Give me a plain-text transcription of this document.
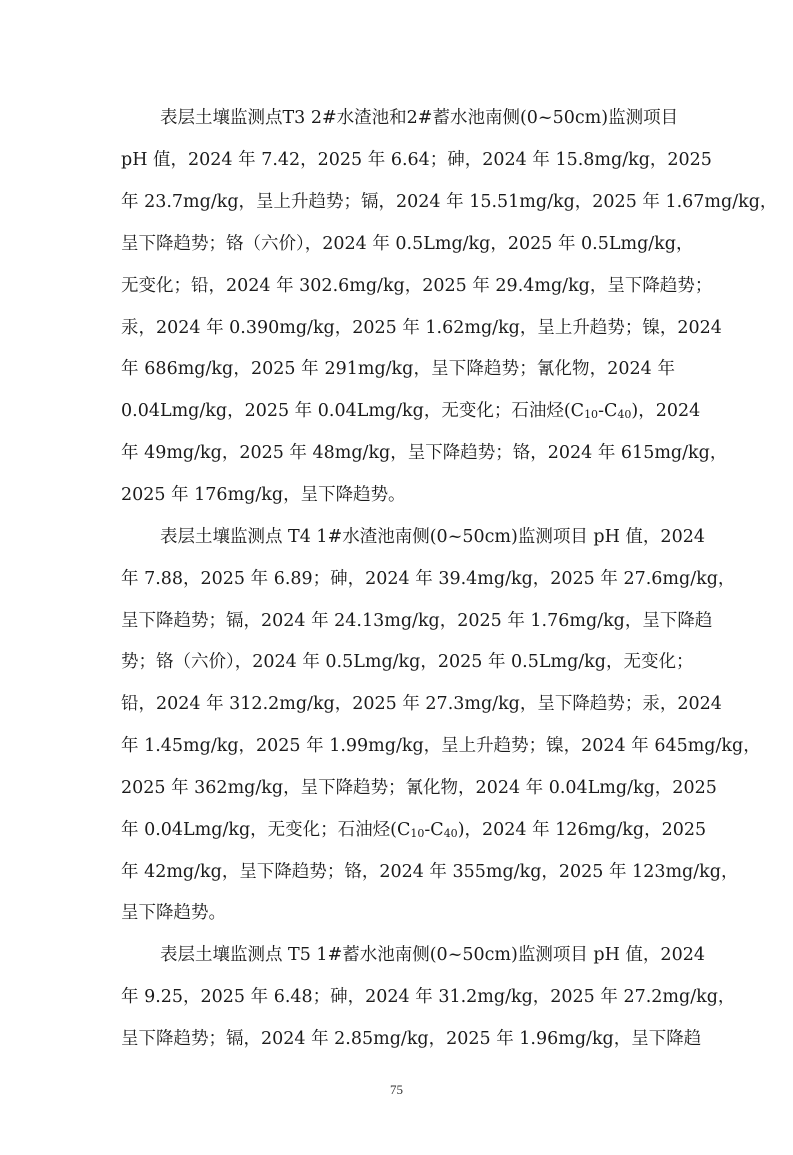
表层土壤监测点T3 2#水渣池和2#蓄水池南侧(0~50cm)监测项目
pH 值，2024 年 7.42，2025 年 6.64；砷，2024 年 15.8mg/kg，2025
年 23.7mg/kg，呈上升趋势；镉，2024 年 15.51mg/kg，2025 年 1.67mg/kg，
呈下降趋势；铬（六价），2024 年 0.5Lmg/kg，2025 年 0.5Lmg/kg，
无变化；铅，2024 年 302.6mg/kg，2025 年 29.4mg/kg，呈下降趋势；
汞，2024 年 0.390mg/kg，2025 年 1.62mg/kg，呈上升趋势；镍，2024
年 686mg/kg，2025 年 291mg/kg，呈下降趋势；氰化物，2024 年
0.04Lmg/kg，2025 年 0.04Lmg/kg，无变化；石油烃(C10-C40)，2024
年 49mg/kg，2025 年 48mg/kg，呈下降趋势；铬，2024 年 615mg/kg，
2025 年 176mg/kg，呈下降趋势。
表层土壤监测点 T4 1#水渣池南侧(0~50cm)监测项目 pH 值，2024
年 7.88，2025 年 6.89；砷，2024 年 39.4mg/kg，2025 年 27.6mg/kg，
呈下降趋势；镉，2024 年 24.13mg/kg，2025 年 1.76mg/kg，呈下降趋
势；铬（六价），2024 年 0.5Lmg/kg，2025 年 0.5Lmg/kg，无变化；
铅，2024 年 312.2mg/kg，2025 年 27.3mg/kg，呈下降趋势；汞，2024
年 1.45mg/kg，2025 年 1.99mg/kg，呈上升趋势；镍，2024 年 645mg/kg，
2025 年 362mg/kg，呈下降趋势；氰化物，2024 年 0.04Lmg/kg，2025
年 0.04Lmg/kg，无变化；石油烃(C10-C40)，2024 年 126mg/kg，2025
年 42mg/kg，呈下降趋势；铬，2024 年 355mg/kg，2025 年 123mg/kg，
呈下降趋势。
表层土壤监测点 T5 1#蓄水池南侧(0~50cm)监测项目 pH 值，2024
年 9.25，2025 年 6.48；砷，2024 年 31.2mg/kg，2025 年 27.2mg/kg，
呈下降趋势；镉，2024 年 2.85mg/kg，2025 年 1.96mg/kg，呈下降趋
75
